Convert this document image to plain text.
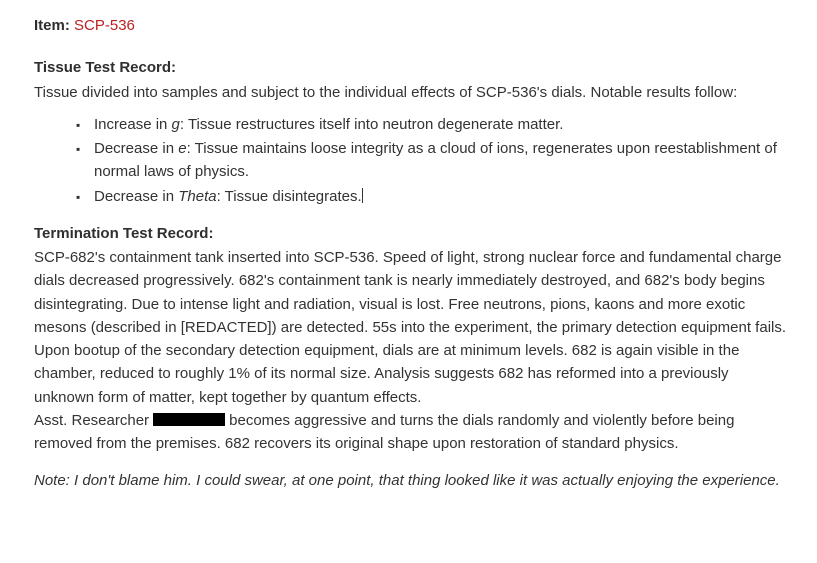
Item: SCP-536
Tissue Test Record:

Tissue divided into samples and subject to the individual effects of SCP-536's dials. Notable results follow:

▪ Increase in g: Tissue restructures itself into neutron degenerate matter.
▪ Decrease in e: Tissue maintains loose integrity as a cloud of ions, regenerates upon reestablishment of normal laws of physics.
▪ Decrease in Theta: Tissue disintegrates.
Termination Test Record:

SCP-682's containment tank inserted into SCP-536. Speed of light, strong nuclear force and fundamental charge dials decreased progressively. 682's containment tank is nearly immediately destroyed, and 682's body begins disintegrating. Due to intense light and radiation, visual is lost. Free neutrons, pions, kaons and more exotic mesons (described in [REDACTED]) are detected. 55s into the experiment, the primary detection equipment fails.

Upon bootup of the secondary detection equipment, dials are at minimum levels. 682 is again visible in the chamber, reduced to roughly 1% of its normal size. Analysis suggests 682 has reformed into a previously unknown form of matter, kept together by quantum effects.

Asst. Researcher	becomes aggressive and turns the dials randomly and violently before being removed from the premises. 682 recovers its original shape upon restoration of standard physics.

Note: I don't blame him. I could swear, at one point, that thing looked like it was actually enjoying the experience.
